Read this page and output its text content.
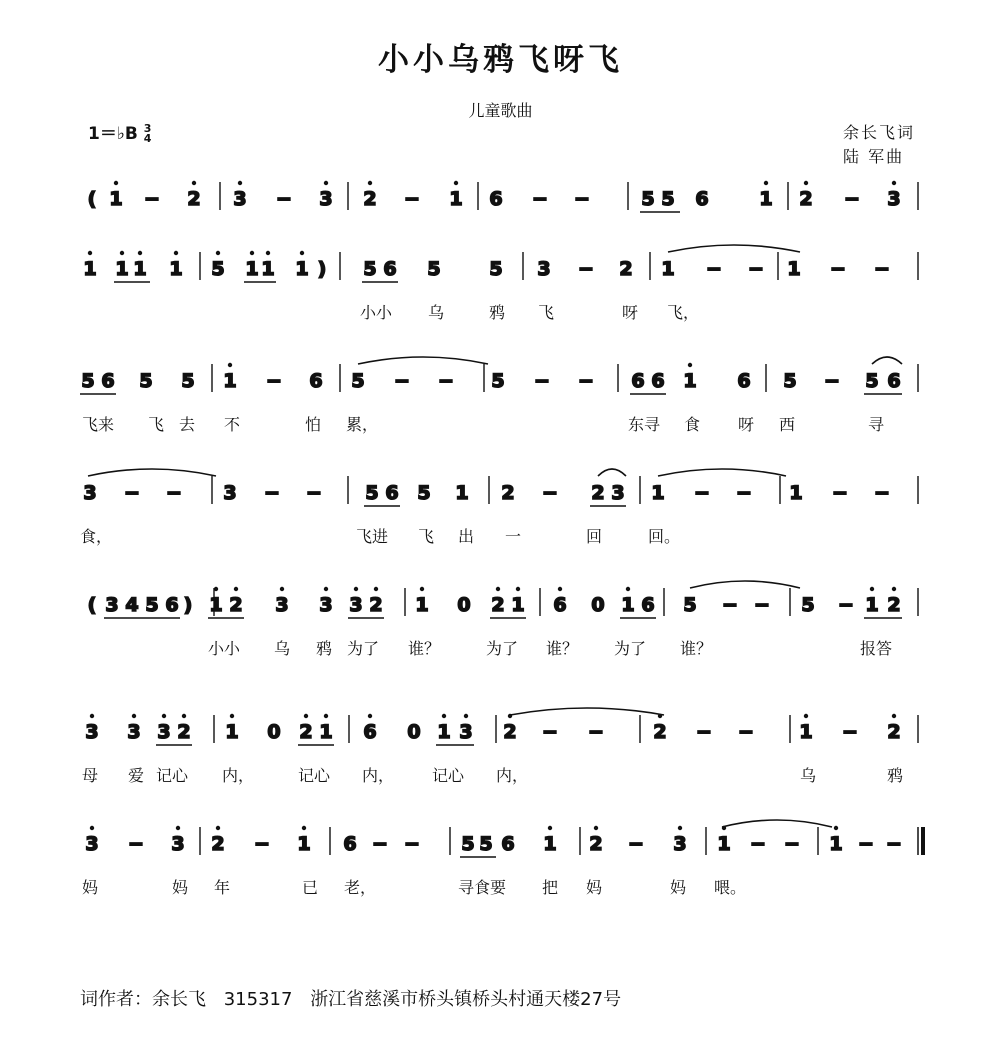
小小乌鸦飞呀飞
儿童歌曲
1＝♭B 3
4	余长飞词
陆 军曲
( 1 − 2 3 − 3 2 − 1 6 − −	5 5 6	1 2 − 3
1 1 1 1 5 1 1 1 ) 5 6 5	5 3 − 2 1 − − 1 − −
5 6 5 5 1 − 6 5 − − 5 − − 6 6 1 6 5 − 5 6
3 − − 3 − − 5 6 5 1 2 − 2 3 1 − − 1 − −
( 3 4 5 6 ) 1 2 3 3 3 2 1 0 2 1 6 0 1 6 5 − − 5 − 1 2
3 3 3 2 1 0 2 1 6 0 1 3 2 − −	2 − − 1 − 2
3 − 3 2 − 1 6 − − 5 5 6 1 2 − 3 1 − − 1 − −
小小 乌	鸦 飞	呀 飞，
飞来 飞 去 不	怕 累，	东寻 食 呀 西	寻
食，	飞进 飞 出 一	回	回。
小小 乌 鸦 为了 谁？	为了 谁？ 为了 谁？	报答
母 爱 记心 内，	记心 内， 记心 内，	乌	鸦
妈	妈 年	已 老，	寻食要 把 妈	妈 喂。
词作者：余长飞 315317 浙江省慈溪市桥头镇桥头村通天楼27号
